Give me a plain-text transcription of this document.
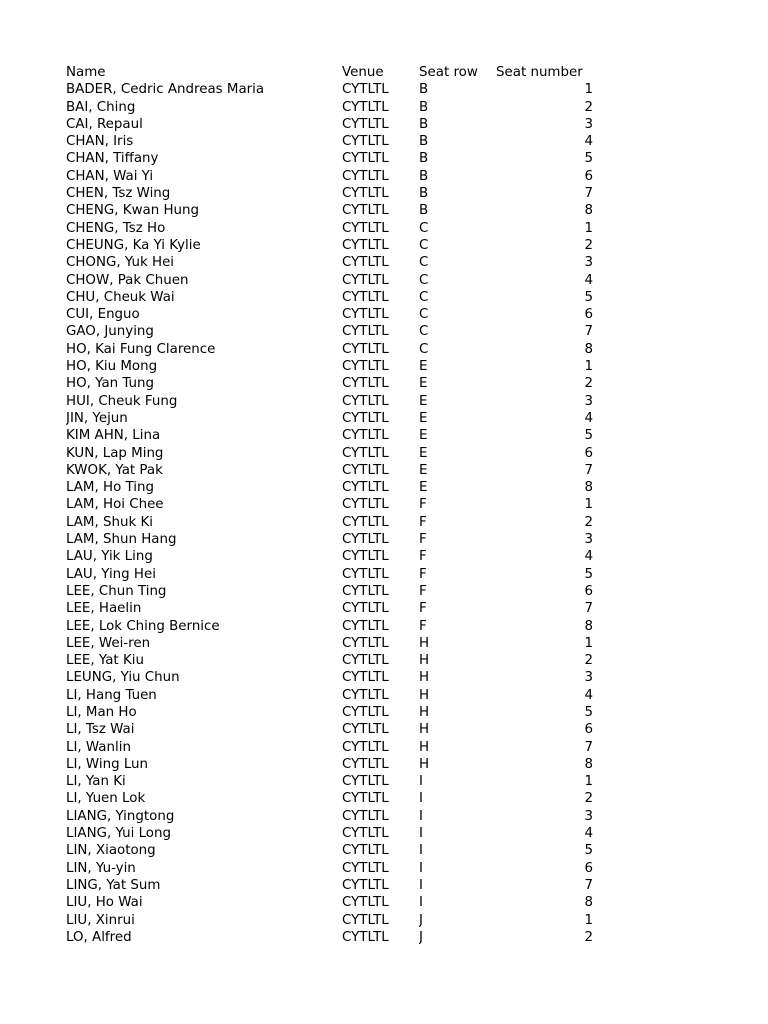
Name	Venue	Seat row	Seat number
BADER, Cedric Andreas Maria	CYTLTL	B	1
BAI, Ching	CYTLTL	B	2
CAI, Repaul	CYTLTL	B	3
CHAN, Iris	CYTLTL	B	4
CHAN, Tiffany	CYTLTL	B	5
CHAN, Wai Yi	CYTLTL	B	6
CHEN, Tsz Wing	CYTLTL	B	7
CHENG, Kwan Hung	CYTLTL	B	8
CHENG, Tsz Ho	CYTLTL	C	1
CHEUNG, Ka Yi Kylie	CYTLTL	C	2
CHONG, Yuk Hei	CYTLTL	C	3
CHOW, Pak Chuen	CYTLTL	C	4
CHU, Cheuk Wai	CYTLTL	C	5
CUI, Enguo	CYTLTL	C	6
GAO, Junying	CYTLTL	C	7
HO, Kai Fung Clarence	CYTLTL	C	8
HO, Kiu Mong	CYTLTL	E	1
HO, Yan Tung	CYTLTL	E	2
HUI, Cheuk Fung	CYTLTL	E	3
JIN, Yejun	CYTLTL	E	4
KIM AHN, Lina	CYTLTL	E	5
KUN, Lap Ming	CYTLTL	E	6
KWOK, Yat Pak	CYTLTL	E	7
LAM, Ho Ting	CYTLTL	E	8
LAM, Hoi Chee	CYTLTL	F	1
LAM, Shuk Ki	CYTLTL	F	2
LAM, Shun Hang	CYTLTL	F	3
LAU, Yik Ling	CYTLTL	F	4
LAU, Ying Hei	CYTLTL	F	5
LEE, Chun Ting	CYTLTL	F	6
LEE, Haelin	CYTLTL	F	7
LEE, Lok Ching Bernice	CYTLTL	F	8
LEE, Wei-ren	CYTLTL	H	1
LEE, Yat Kiu	CYTLTL	H	2
LEUNG, Yiu Chun	CYTLTL	H	3
LI, Hang Tuen	CYTLTL	H	4
LI, Man Ho	CYTLTL	H	5
LI, Tsz Wai	CYTLTL	H	6
LI, Wanlin	CYTLTL	H	7
LI, Wing Lun	CYTLTL	H	8
LI, Yan Ki	CYTLTL	I	1
LI, Yuen Lok	CYTLTL	I	2
LIANG, Yingtong	CYTLTL	I	3
LIANG, Yui Long	CYTLTL	I	4
LIN, Xiaotong	CYTLTL	I	5
LIN, Yu-yin	CYTLTL	I	6
LING, Yat Sum	CYTLTL	I	7
LIU, Ho Wai	CYTLTL	I	8
LIU, Xinrui	CYTLTL	J	1
LO, Alfred	CYTLTL	J	2
